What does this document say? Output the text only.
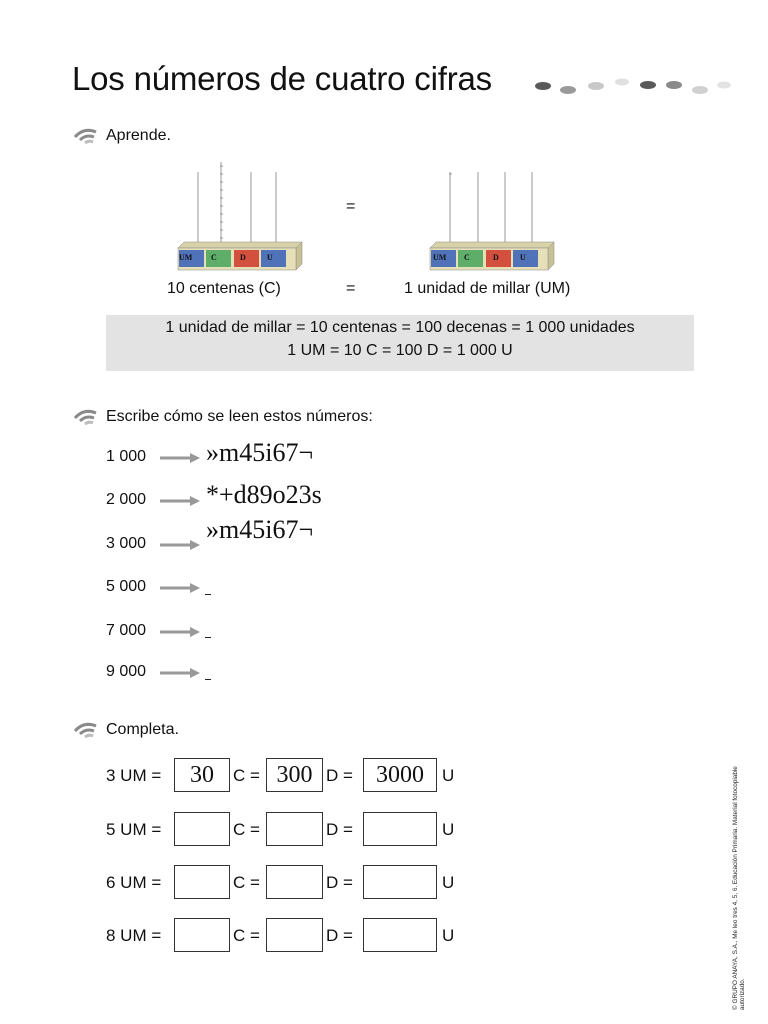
Los números de cuatro cifras
Aprende.
UM C	D	U
=
UM C	D	U
10 centenas (C)	=	1 unidad de millar (UM)
1 unidad de millar = 10 centenas = 100 decenas = 1 000 unidades
1 UM = 10 C = 100 D = 1 000 U
Escribe cómo se leen estos números:
1 000 »m45i67¬
2 000 *+d89o23s
3 000 »m45i67¬
5 000
7 000
9 000
Completa.
3 UM =	30	C = 300 D = 3000	U
5 UM =	C =	D =	U
6 UM =	C =	D =	U
8 UM =	C =	D =	U	© GRUPO ANAYA, S.A., Me leo tres 4, 5, 6. Educación Primaria. Material fotocopiable autorizado.
